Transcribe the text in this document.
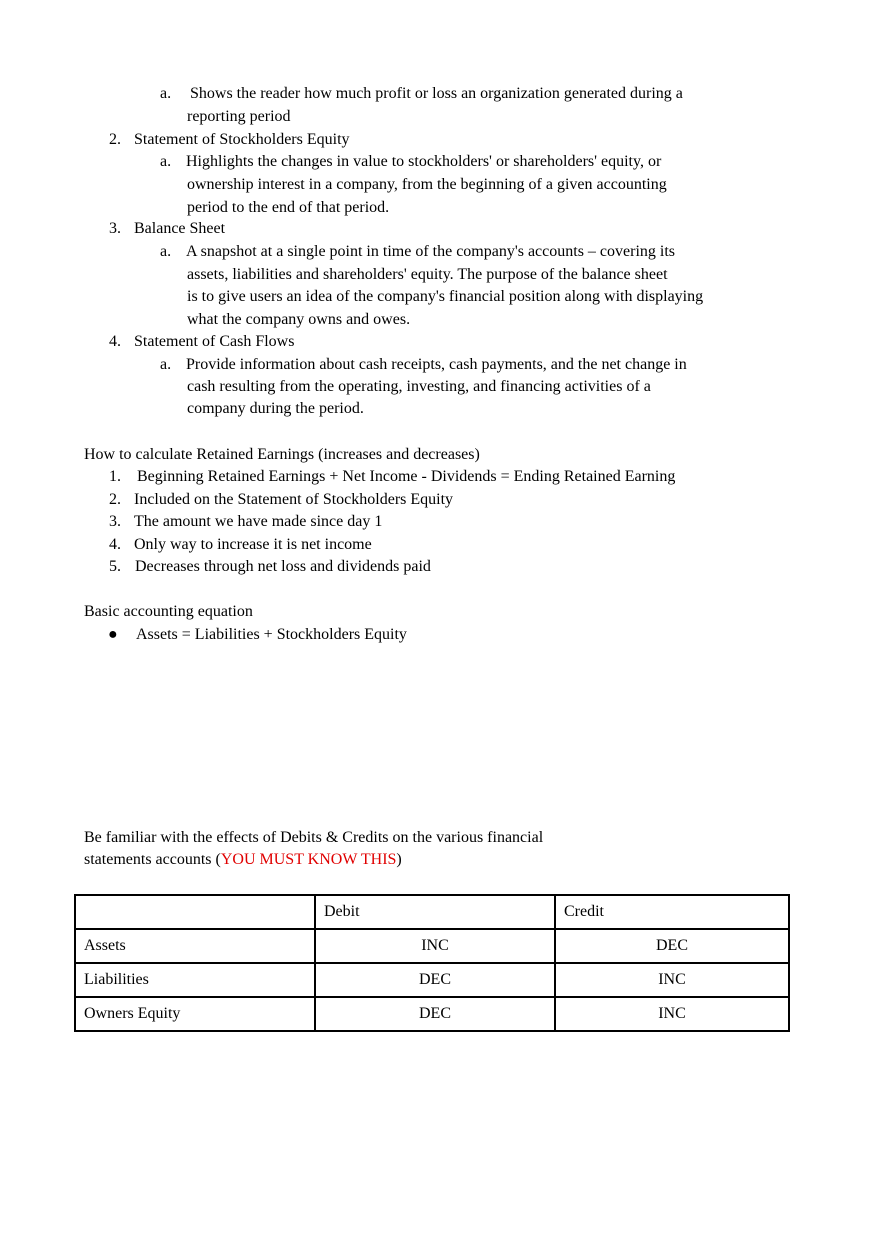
a. Shows the reader how much profit or loss an organization generated during a
reporting period
2. Statement of Stockholders Equity
a. Highlights the changes in value to stockholders' or shareholders' equity, or
ownership interest in a company, from the beginning of a given accounting
period to the end of that period.
3. Balance Sheet
a. A snapshot at a single point in time of the company's accounts – covering its
assets, liabilities and shareholders' equity. The purpose of the balance sheet
is to give users an idea of the company's financial position along with displaying
what the company owns and owes.
4. Statement of Cash Flows
a. Provide information about cash receipts, cash payments, and the net change in
cash resulting from the operating, investing, and financing activities of a
company during the period.
How to calculate Retained Earnings (increases and decreases)
1. Beginning Retained Earnings + Net Income - Dividends = Ending Retained Earning
2. Included on the Statement of Stockholders Equity
3. The amount we have made since day 1
4. Only way to increase it is net income
5. Decreases through net loss and dividends paid
Basic accounting equation
● Assets = Liabilities + Stockholders Equity
Be familiar with the effects of Debits & Credits on the various financial
statements accounts (YOU MUST KNOW THIS)
	Debit	Credit
Assets	INC	DEC
Liabilities	DEC	INC
Owners Equity	DEC	INC
